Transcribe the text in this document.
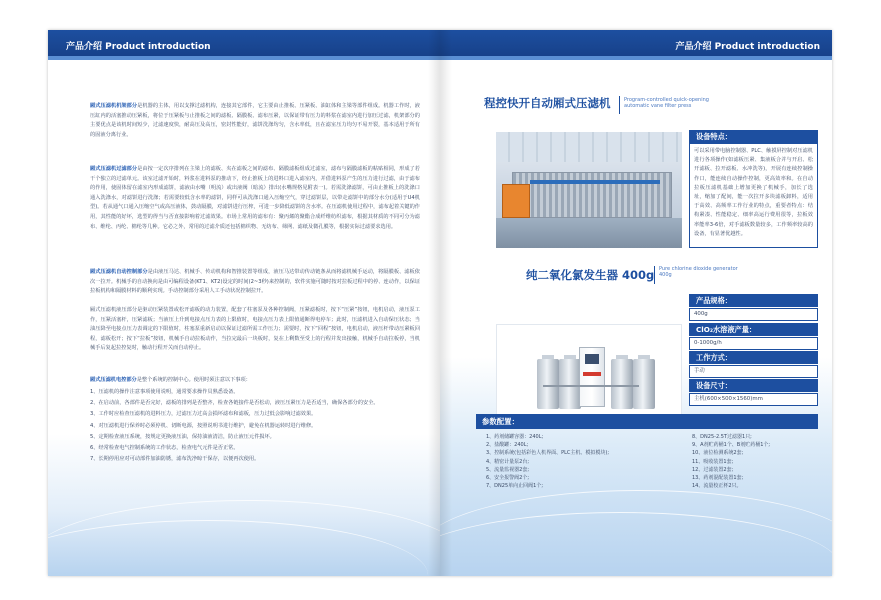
产品介绍 Product introduction
厢式压滤机机架部分是机器的主体，用以支撑过滤机构，连接其它部件，它主要由止推板、压紧板、油缸体和主梁等部件组成。机器工作时，液压缸内的活塞推动压紧板，将位于压紧板与止推板之间的滤板、隔膜板、滤布压紧，以保证带有压力的料浆在滤室内进行加压过滤，机架部分的主要优点是该机时间短少，过滤速度快，耐高压及高压，密封性能好，滤饼洗涤均匀，含水率低，且在滤室压力均匀不易开裂，基本适用于所有的固液分离行业。
厢式压滤机过滤部分是由按一定次序排列在主梁上的滤板、夹在滤板之间的滤布、隔膜滤板组成过滤室，滤布与隔膜滤板的粘贴相同，形成了若干个独立的过滤单元。该室过滤开始时，料浆在进料泵的推动下，经止推板上的进料口进入滤室内，并借进料泵产生的压力进行过滤，由于滤布的作用，使固体留在滤室内形成滤饼，滤液由水嘴（明流）或出液阀（暗流）排出(水嘴规格见附表一)。若需洗涤滤饼，可由止推板上的洗涤口通入洗涤水，对滤饼进行洗涤；若需要较低含水率的滤饼，同样可从洗涤口通入压缩空气，穿过滤饼层，以带走滤饼中的部分水分(适用于U4机型)。若从通气口通入压缩空气或高压液体，鼓动隔膜，对滤饼进行压榨，可进一步降低滤饼的含水率。在压滤机使用过程中，滤布起着关键的作用，其性能的好坏，选型的得当与否直接影响着过滤效果。市场上常用的滤布有：聚丙烯的聚酯合成纤维纺织滤布，根据其材质的不同可分为滤布、维纶、丙纶、棉纶等几种。它必之外，常用的过滤介质还包括棉织物、无纺布、筛网、滤纸及微孔膜等，根据实际过滤要求选用。
厢式压滤机自动控制部分是由液压马达、机械手、传动机构和智推装置等组成，液压马达带动传动链条从而将滤机械手运动，将隔膜板、滤板依次一拉开。机械手的自动换向是由可编程设备(KT1、KT2)设定的时间(2~3秒)来控制的，软件实施可随时按对拉板过程中的停、连动作，以保证拉板机构和隔膜材料的顺利实现。手动控制部分采用人工手动状况控制拉开。
厢式压滤机液压部分是驱动压紧装置或松开滤板的动力装置，配套了柱塞泵及各种控制阀，压紧滤板时，按下“压紧”按钮，电机启动，液压泵工作，压紧活塞杆，压紧滤板；当液压上升到电接点压力表的上限值时，电接点压力表上限值通断得电停车；此时，压滤机进入自动保压状态；当油压降至电接点压力表调定的下限值时，柱塞泵重新启动以保证过滤所需工作压力；需要时，按下“回程”按钮，电机启动，液压杆带动压紧板回程，滤板松开；按下“拉板”按钮，机械手自动拉板动作，当拉完最后一块板时，复在上剩数至受上的行程并发出接触，机械手自动拉板停，当机械手后复起拉控复时，触动行程开关而自动停止。
厢式压滤机电控部分是整个系统的控制中心。使用时须注意以下事项：
1、压滤机的操作注意事项使用说明，通常要求操作员熟悉设备。
2、在启动前，各部件是否完好，滤板的排列是否整齐，检查各链接件是否松动，液压压紧压力是否适当，确保各部分的安全。
3、工作时应检查压滤机的进料压力，过滤压力过高会损坏滤布和滤板，压力过低会影响过滤效果。
4、对压滤机进行保养时必须停机、切断电源，按照说明书进行维护，避免在机器运转时进行维修。
5、定期检查液压系统，按规定更换液压油，保持油液清洁，防止液压元件损坏。
6、经常检查电气控制系统的工作状态，检查电气元件是否正常。
7、长期停用应对可动部件加油防锈，滤布洗净晾干保存，以便再次使用。
产品介绍 Product introduction
程控快开自动厢式压滤机	Program-controlled quick-opening automatic vane filter press
设备特点：
可以采用带电脑控制器、PLC、触摸屏控制对压滤机进行各项操作(如滤板压紧、集液板合并与开启、松开滤板、拉开滤板、水冲洗等)，开展有连续控制操作口，能连续自动操作控制，更高效率和。在自动拉板压滤机基础上增加更换了机械手，加长了选址，缩加了配间，能一次拉开多块滤板卸料，适用于高效、高频率工作行业的特点，重要者特点：结构紧凑、性能稳定、细率高运行费用很等，拉板效率能率3-6倍，对手滤板数量较多，工作频率较高的设备，有显著优越性。
纯二氧化氯发生器 400g Pure chlorine dioxide generator 400g
产品规格：
400g
ClO₂水溶液产量：
0-1000g/h
工作方式：
手动
设备尺寸：
主机(600×500×1560)mm
参数配置：
1、药剂储罐容器：240L;
2、盐酸罐：240L;
3、控制系统(包括彩色人机界面、PLC主机、模拟模块);
4、精密计量泵2台;
5、流量监视器2套;
6、安全报警阀2个;
7、DN25单向止回阀1个;
8、DN25-2.5T过滤器1只;
9、A剂贮药桶1个、B剂贮药桶1个;
10、液位检测系统2套;
11、吸收装置1套;
12、过滤装置2套;
13、药剂混配装置1套;
14、流量校正杯2只。
